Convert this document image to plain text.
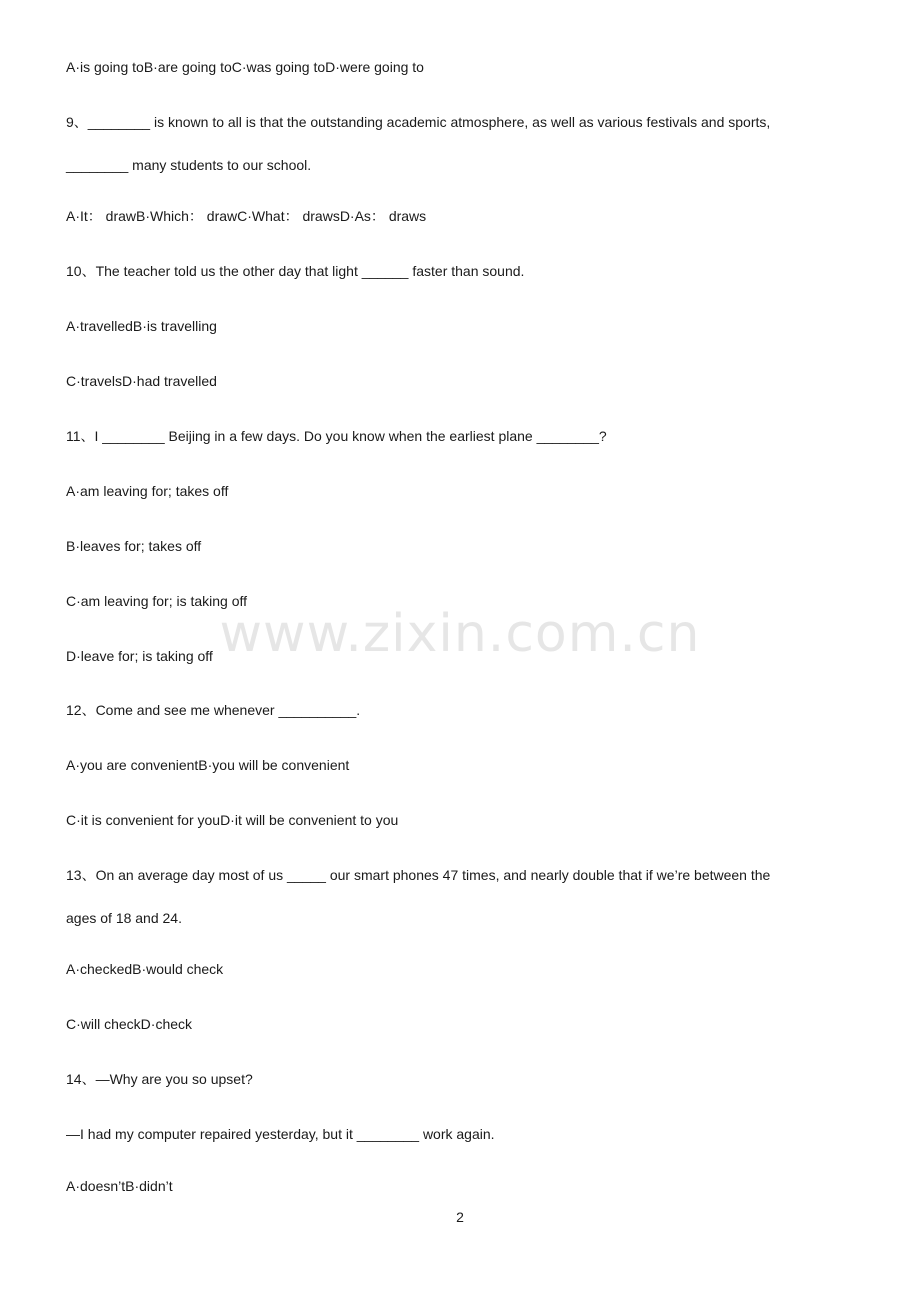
www.zixin.com.cn
A·is going toB·are going toC·was going toD·were going to
9、________ is known to all is that the outstanding academic atmosphere, as well as various festivals and sports,
________ many students to our school.
A·It： drawB·Which： drawC·What： drawsD·As： draws
10、The teacher told us the other day that light ______ faster than sound.
A·travelledB·is travelling
C·travelsD·had travelled
11、I ________ Beijing in a few days. Do you know when the earliest plane ________?
A·am leaving for; takes off
B·leaves for; takes off
C·am leaving for; is taking off
D·leave for; is taking off
12、Come and see me whenever __________.
A·you are convenientB·you will be convenient
C·it is convenient for youD·it will be convenient to you
13、On an average day most of us _____ our smart phones 47 times, and nearly double that if we’re between the
ages of 18 and 24.
A·checkedB·would check
C·will checkD·check
14、—Why are you so upset?
—I had my computer repaired yesterday, but it ________ work again.
A·doesn’tB·didn’t
2
